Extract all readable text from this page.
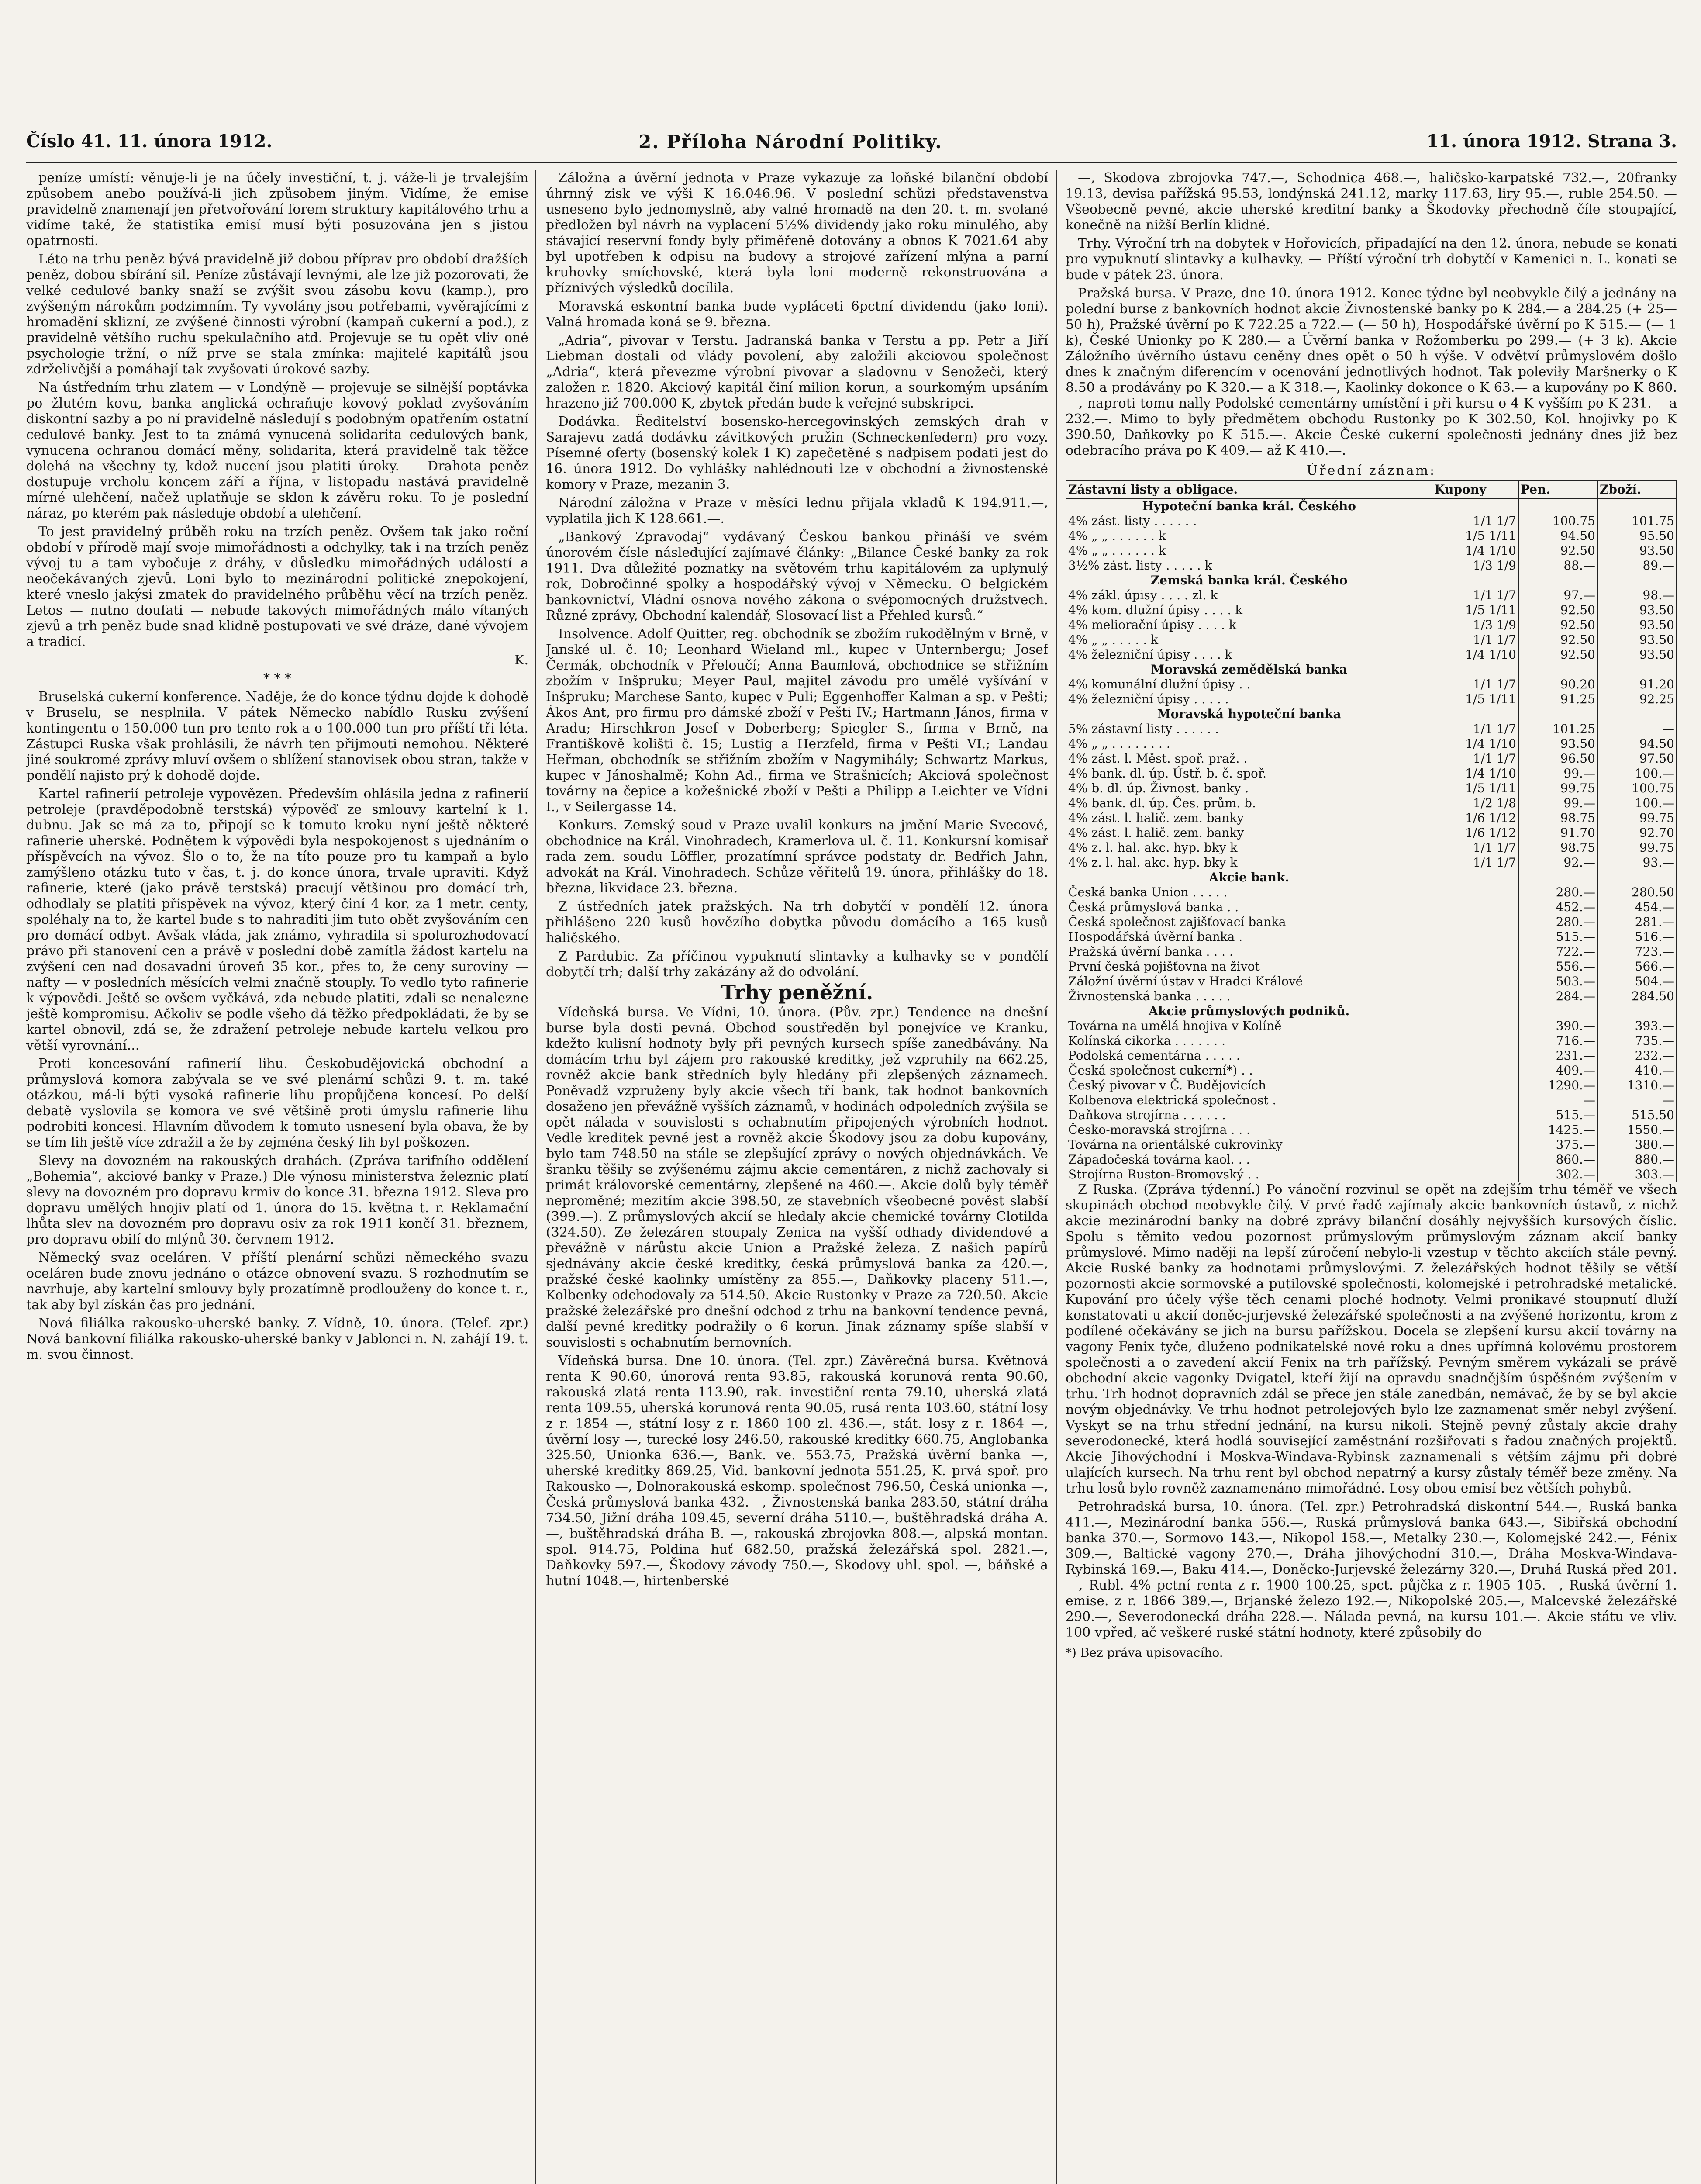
Číslo 41. 11. února 1912.	2. Příloha Národní Politiky.	11. února 1912. Strana 3.

peníze umístí: věnuje-li je na účely investiční, t. j. váže-li je trvalejším způsobem anebo používá-li jich způsobem jiným. Vidíme, že emise pravidelně znamenají jen přetvořování forem struktury kapitálového trhu a vidíme také, že statistika emisí musí býti posuzována jen s jistou opatrností.

Léto na trhu peněz bývá pravidelně již dobou příprav pro období dražších peněz, dobou sbírání sil. Peníze zůstávají levnými, ale lze již pozorovati, že velké cedulové banky snaží se zvýšit svou zásobu kovu (kamp.), pro zvýšeným nárokům podzimním. Ty vyvolány jsou potřebami, vyvěrajícími z hromadění sklizní, ze zvýšené činnosti výrobní (kampaň cukerní a pod.), z pravidelně většího ruchu spekulačního atd. Projevuje se tu opět vliv oné psychologie tržní, o níž prve se stala zmínka: majitelé kapitálů jsou zdrželivější a pomáhají tak zvyšovati úrokové sazby.

Na ústředním trhu zlatem — v Londýně — projevuje se silnější poptávka po žlutém kovu, banka anglická ochraňuje kovový poklad zvyšováním diskontní sazby a po ní pravidelně následují s podobným opatřením ostatní cedulové banky. Jest to ta známá vynucená solidarita cedulových bank, vynucena ochranou domácí měny, solidarita, která pravidelně tak těžce dolehá na všechny ty, kdož nucení jsou platiti úroky. — Drahota peněz dostupuje vrcholu koncem září a října, v listopadu nastává pravidelně mírné ulehčení, načež uplatňuje se sklon k závěru roku. To je poslední náraz, po kterém pak následuje období a ulehčení.

To jest pravidelný průběh roku na trzích peněz. Ovšem tak jako roční období v přírodě mají svoje mimořádnosti a odchylky, tak i na trzích peněz vývoj tu a tam vybočuje z dráhy, v důsledku mimořádných událostí a neočekávaných zjevů. Loni bylo to mezinárodní politické znepokojení, které vneslo jakýsi zmatek do pravidelného průběhu věcí na trzích peněz. Letos — nutno doufati — nebude takových mimořádných málo vítaných zjevů a trh peněz bude snad klidně postupovati ve své dráze, dané vývojem a tradicí.

K.

* * *

Bruselská cukerní konference. Naděje, že do konce týdnu dojde k dohodě v Bruselu, se nesplnila. V pátek Německo nabídlo Rusku zvýšení kontingentu o 150.000 tun pro tento rok a o 100.000 tun pro příští tři léta. Zástupci Ruska však prohlásili, že návrh ten přijmouti nemohou. Některé jiné soukromé zprávy mluví ovšem o sblížení stanovisek obou stran, takže v pondělí najisto prý k dohodě dojde.

Kartel rafinerií petroleje vypovězen. Především ohlásila jedna z rafinerií petroleje (pravděpodobně terstská) výpověď ze smlouvy kartelní k 1. dubnu. Jak se má za to, připojí se k tomuto kroku nyní ještě některé rafinerie uherské. Podnětem k výpovědi byla nespokojenost s ujednáním o příspěvcích na vývoz. Šlo o to, že na títo pouze pro tu kampaň a bylo zamýšleno otázku tuto v čas, t. j. do konce února, trvale upraviti. Když rafinerie, které (jako právě terstská) pracují většinou pro domácí trh, odhodlaly se platiti příspěvek na vývoz, který činí 4 kor. za 1 metr. centy, spoléhaly na to, že kartel bude s to nahraditi jim tuto obět zvyšováním cen pro domácí odbyt. Avšak vláda, jak známo, vyhradila si spolurozhodovací právo při stanovení cen a právě v poslední době zamítla žádost kartelu na zvýšení cen nad dosavadní úroveň 35 kor., přes to, že ceny suroviny — nafty — v posledních měsících velmi značně stouply. To vedlo tyto rafinerie k výpovědi. Ještě se ovšem vyčkává, zda nebude platiti, zdali se nenalezne ještě kompromisu. Ačkoliv se podle všeho dá těžko předpokládati, že by se kartel obnovil, zdá se, že zdražení petroleje nebude kartelu velkou pro větší vyrovnání...

Proti koncesování rafinerií lihu. Českobudějovická obchodní a průmyslová komora zabývala se ve své plenární schůzi 9. t. m. také otázkou, má-li býti vysoká rafinerie lihu propůjčena koncesí. Po delší debatě vyslovila se komora ve své většině proti úmyslu rafinerie lihu podrobiti koncesi. Hlavním důvodem k tomuto usnesení byla obava, že by se tím lih ještě více zdražil a že by zejména český lih byl poškozen.

Slevy na dovozném na rakouských drahách. (Zpráva tarifního oddělení „Bohemia“, akciové banky v Praze.) Dle výnosu ministerstva železnic platí slevy na dovozném pro dopravu krmiv do konce 31. března 1912. Sleva pro dopravu umělých hnojiv platí od 1. února do 15. května t. r. Reklamační lhůta slev na dovozném pro dopravu osiv za rok 1911 končí 31. březnem, pro dopravu obilí do mlýnů 30. červnem 1912.

Německý svaz oceláren. V příští plenární schůzi německého svazu oceláren bude znovu jednáno o otázce obnovení svazu. S rozhodnutím se navrhuje, aby kartelní smlouvy byly prozatímně prodlouženy do konce t. r., tak aby byl získán čas pro jednání.

Nová filiálka rakousko-uherské banky. Z Vídně, 10. února. (Telef. zpr.) Nová bankovní filiálka rakousko-uherské banky v Jablonci n. N. zahájí 19. t. m. svou činnost.

Záložna a úvěrní jednota v Praze vykazuje za loňské bilanční období úhrnný zisk ve výši K 16.046.96. V poslední schůzi představenstva usneseno bylo jednomyslně, aby valné hromadě na den 20. t. m. svolané předložen byl návrh na vyplacení 5½% dividendy jako roku minulého, aby stávající reservní fondy byly přiměřeně dotovány a obnos K 7021.64 aby byl upotřeben k odpisu na budovy a strojové zařízení mlýna a parní kruhovky smíchovské, která byla loni moderně rekonstruována a příznivých výsledků docílila.

Moravská eskontní banka bude vypláceti 6pctní dividendu (jako loni). Valná hromada koná se 9. března.

„Adria“, pivovar v Terstu. Jadranská banka v Terstu a pp. Petr a Jiří Liebman dostali od vlády povolení, aby založili akciovou společnost „Adria“, která převezme výrobní pivovar a sladovnu v Senožeči, který založen r. 1820. Akciový kapitál činí milion korun, a sourkomým upsáním hrazeno již 700.000 K, zbytek předán bude k veřejné subskripci.

Dodávka. Ředitelství bosensko-hercegovinských zemských drah v Sarajevu zadá dodávku závitkových pružin (Schneckenfedern) pro vozy. Písemné oferty (bosenský kolek 1 K) zapečetěné s nadpisem podati jest do 16. února 1912. Do vyhlášky nahlédnouti lze v obchodní a živnostenské komory v Praze, mezanin 3.

Národní záložna v Praze v měsíci lednu přijala vkladů K 194.911.—, vyplatila jich K 128.661.—.

„Bankový Zpravodaj“ vydávaný Českou bankou přináší ve svém únorovém čísle následující zajímavé články: „Bilance České banky za rok 1911. Dva důležité poznatky na světovém trhu kapitálovém za uplynulý rok, Dobročinné spolky a hospodářský vývoj v Německu. O belgickém bankovnictví, Vládní osnova nového zákona o svépomocných družstvech. Různé zprávy, Obchodní kalendář, Slosovací list a Přehled kursů.“

Insolvence. Adolf Quitter, reg. obchodník se zbožím rukodělným v Brně, v Janské ul. č. 10; Leonhard Wieland ml., kupec v Unternbergu; Josef Čermák, obchodník v Přeloučí; Anna Baumlová, obchodnice se střižním zbožím v Inšpruku; Meyer Paul, majitel závodu pro umělé vyšívání v Inšpruku; Marchese Santo, kupec v Puli; Eggenhoffer Kalman a sp. v Pešti; Ákos Ant, pro firmu pro dámské zboží v Pešti IV.; Hartmann János, firma v Aradu; Hirschkron Josef v Doberberg; Spiegler S., firma v Brně, na Františkově kolišti č. 15; Lustig a Herzfeld, firma v Pešti VI.; Landau Heřman, obchodník se střižním zbožím v Nagymihály; Schwartz Markus, kupec v Jánoshalmě; Kohn Ad., firma ve Strašnicích; Akciová společnost továrny na čepice a kožešnické zboží v Pešti a Philipp a Leichter ve Vídni I., v Seilergasse 14.

Konkurs. Zemský soud v Praze uvalil konkurs na jmění Marie Svecové, obchodnice na Král. Vinohradech, Kramerlova ul. č. 11. Konkursní komisař rada zem. soudu Löffler, prozatímní správce podstaty dr. Bedřich Jahn, advokát na Král. Vinohradech. Schůze věřitelů 19. února, přihlášky do 18. března, likvidace 23. března.

Z ústředních jatek pražských. Na trh dobytčí v pondělí 12. února přihlášeno 220 kusů hovězího dobytka původu domácího a 165 kusů haličského.

Z Pardubic. Za příčinou vypuknutí slintavky a kulhavky se v pondělí dobytčí trh; další trhy zakázány až do odvolání.

Trhy peněžní.

Vídeňská bursa. Ve Vídni, 10. února. (Pův. zpr.) Tendence na dnešní burse byla dosti pevná. Obchod soustředěn byl ponejvíce ve Kranku, kdežto kulisní hodnoty byly při pevných kursech spíše zanedbávány. Na domácím trhu byl zájem pro rakouské kreditky, jež vzpruhily na 662.25, rovněž akcie bank středních byly hledány při zlepšených záznamech. Poněvadž vzpruženy byly akcie všech tří bank, tak hodnot bankovních dosaženo jen převážně vyšších záznamů, v hodinách odpoledních zvýšila se opět nálada v souvislosti s ochabnutím připojených výrobních hodnot. Vedle kreditek pevné jest a rovněž akcie Škodovy jsou za dobu kupovány, bylo tam 748.50 na stále se zlepšující zprávy o nových objednávkách. Ve šranku těšily se zvýšenému zájmu akcie cementáren, z nichž zachovaly si primát královorské cementárny, zlepšené na 460.—. Akcie dolů byly téměř neproměné; mezitím akcie 398.50, ze stavebních všeobecné pověst slabší (399.—). Z průmyslových akcií se hledaly akcie chemické továrny Clotilda (324.50). Ze železáren stoupaly Zenica na vyšší odhady dividendové a převážně v nárůstu akcie Union a Pražské železa. Z našich papírů sjednávány akcie české kreditky, česká průmyslová banka za 420.—, pražské české kaolinky umístěny za 855.—, Daňkovky placeny 511.—, Kolbenky odchodovaly za 514.50. Akcie Rustonky v Praze za 720.50. Akcie pražské železářské pro dnešní odchod z trhu na bankovní tendence pevná, další pevné kreditky podražily o 6 korun. Jinak záznamy spíše slabší v souvislosti s ochabnutím bernovních.

Vídeňská bursa. Dne 10. února. (Tel. zpr.) Závěrečná bursa. Květnová renta K 90.60, únorová renta 93.85, rakouská korunová renta 90.60, rakouská zlatá renta 113.90, rak. investiční renta 79.10, uherská zlatá renta 109.55, uherská korunová renta 90.05, rusá renta 103.60, státní losy z r. 1854 —, státní losy z r. 1860 100 zl. 436.—, stát. losy z r. 1864 —, úvěrní losy —, turecké losy 246.50, rakouské kreditky 660.75, Anglobanka 325.50, Unionka 636.—, Bank. ve. 553.75, Pražská úvěrní banka —, uherské kreditky 869.25, Vid. bankovní jednota 551.25, K. prvá spoř. pro Rakousko —, Dolnorakouská eskomp. společnost 796.50, Česká unionka —, Česká průmyslová banka 432.—, Živnostenská banka 283.50, státní dráha 734.50, Jižní dráha 109.45, severní dráha 5110.—, buštěhradská dráha A. —, buštěhradská dráha B. —, rakouská zbrojovka 808.—, alpská montan. spol. 914.75, Poldina huť 682.50, pražská železářská spol. 2821.—, Daňkovky 597.—, Škodovy závody 750.—, Skodovy uhl. spol. —, báňské a hutní 1048.—, hirtenberské

—, Skodova zbrojovka 747.—, Schodnica 468.—, haličsko-karpatské 732.—, 20franky 19.13, devisa pařížská 95.53, londýnská 241.12, marky 117.63, liry 95.—, ruble 254.50. — Všeobecně pevné, akcie uherské kreditní banky a Škodovky přechodně číle stoupající, konečně na nižší Berlín klidné.

Trhy. Výroční trh na dobytek v Hořovicích, připadající na den 12. února, nebude se konati pro vypuknutí slintavky a kulhavky. — Příští výroční trh dobytčí v Kamenici n. L. konati se bude v pátek 23. února.

Pražská bursa. V Praze, dne 10. února 1912. Konec týdne byl neobvykle čilý a jednány na polední burse z bankovních hodnot akcie Živnostenské banky po K 284.— a 284.25 (+ 25—50 h), Pražské úvěrní po K 722.25 a 722.— (— 50 h), Hospodářské úvěrní po K 515.— (— 1 k), České Unionky po K 280.— a Úvěrní banka v Rožomberku po 299.— (+ 3 k). Akcie Záložního úvěrního ústavu ceněny dnes opět o 50 h výše. V odvětví průmyslovém došlo dnes k značným diferencím v ocenování jednotlivých hodnot. Tak poleviły Maršnerky o K 8.50 a prodávány po K 320.— a K 318.—, Kaolinky dokonce o K 63.— a kupovány po K 860.—, naproti tomu nally Podolské cementárny umístění i při kursu o 4 K vyšším po K 231.— a 232.—. Mimo to byly předmětem obchodu Rustonky po K 302.50, Kol. hnojivky po K 390.50, Daňkovky po K 515.—. Akcie České cukerní společnosti jednány dnes již bez odebracího práva po K 409.— až K 410.—.

Úřední záznam:
Zástavní listy a obligace.	Kupony	Pen.	Zboží.
Hypoteční banka král. Českého			
4% zást. listy . . . . . .	1/1 1/7	100.75	101.75
4% „ „ . . . . . . k	1/5 1/11	94.50	95.50
4% „ „ . . . . . . k	1/4 1/10	92.50	93.50
3½% zást. listy . . . . . k	1/3 1/9	88.—	89.—
Zemská banka král. Českého			
4% zákl. úpisy . . . . zl. k	1/1 1/7	97.—	98.—
4% kom. dlužní úpisy . . . . k	1/5 1/11	92.50	93.50
4% meliorační úpisy . . . . k	1/3 1/9	92.50	93.50
4% „ „ . . . . . k	1/1 1/7	92.50	93.50
4% železniční úpisy . . . . k	1/4 1/10	92.50	93.50
Moravská zemědělská banka			
4% komunální dlužní úpisy . .	1/1 1/7	90.20	91.20
4% železniční úpisy . . . . .	1/5 1/11	91.25	92.25
Moravská hypoteční banka			
5% zástavní listy . . . . . .	1/1 1/7	101.25	—
4% „ „ . . . . . . . .	1/4 1/10	93.50	94.50
4% zást. l. Měst. spoř. praž. .	1/1 1/7	96.50	97.50
4% bank. dl. úp. Ústř. b. č. spoř.	1/4 1/10	99.—	100.—
4% b. dl. úp. Živnost. banky .	1/5 1/11	99.75	100.75
4% bank. dl. úp. Čes. prům. b.	1/2 1/8	99.—	100.—
4% zást. l. halič. zem. banky	1/6 1/12	98.75	99.75
4% zást. l. halič. zem. banky	1/6 1/12	91.70	92.70
4% z. l. hal. akc. hyp. bky k	1/1 1/7	98.75	99.75
4% z. l. hal. akc. hyp. bky k	1/1 1/7	92.—	93.—
Akcie bank.			
Česká banka Union . . . . .		280.—	280.50
Česká průmyslová banka . .		452.—	454.—
Česká společnost zajišťovací banka		280.—	281.—
Hospodářská úvěrní banka .		515.—	516.—
Pražská úvěrní banka . . . .		722.—	723.—
První česká pojišťovna na život		556.—	566.—
Záložní úvěrní ústav v Hradci Králové		503.—	504.—
Živnostenská banka . . . . .		284.—	284.50
Akcie průmyslových podniků.			
Továrna na umělá hnojiva v Kolíně		390.—	393.—
Kolínská cikorka . . . . . . .		716.—	735.—
Podolská cementárna . . . . .		231.—	232.—
Česká společnost cukerní*) . .		409.—	410.—
Český pivovar v Č. Budějovicích		1290.—	1310.—
Kolbenova elektrická společnost .		—	—
Daňkova strojírna . . . . . .		515.—	515.50
Česko-moravská strojírna . . .		1425.—	1550.—
Továrna na orientálské cukrovinky		375.—	380.—
Západočeská továrna kaol. . .		860.—	880.—
Strojírna Ruston-Bromovský . .		302.—	303.—

Z Ruska. (Zpráva týdenní.) Po vánoční rozvinul se opět na zdejším trhu téměř ve všech skupinách obchod neobvykle čilý. V prvé řadě zajímaly akcie bankovních ústavů, z nichž akcie mezinárodní banky na dobré zprávy bilanční dosáhly nejvyšších kursových číslic. Spolu s těmito vedou pozornost průmyslovým průmyslovým záznam akcií banky průmyslové. Mimo naději na lepší zúročení nebylo-li vzestup v těchto akciích stále pevný. Akcie Ruské banky za hodnotami průmyslovými. Z železářských hodnot těšily se větší pozornosti akcie sormovské a putilovské společnosti, kolomejské i petrohradské metalické. Kupování pro účely výše těch cenami ploché hodnoty. Velmi pronikavé stoupnutí dluží konstatovati u akcií doněc-jurjevské železářské společnosti a na zvýšené horizontu, krom z podílené očekávány se jich na bursu pařížskou. Docela se zlepšení kursu akcií továrny na vagony Fenix tyče, dluženo podnikatelské nové roku a dnes upřímná kolovému prostorem společnosti a o zavedení akcií Fenix na trh pařížský. Pevným směrem vykázali se právě obchodní akcie vagonky Dvigatel, kteří žijí na opravdu snadnějším úspěšném zvýšením v trhu. Trh hodnot dopravních zdál se přece jen stále zanedbán, nemávač, že by se byl akcie novým objednávky. Ve trhu hodnot petrolejových bylo lze zaznamenat směr nebyl zvýšení. Vyskyt se na trhu střední jednání, na kursu nikoli. Stejně pevný zůstaly akcie drahy severodonecké, která hodlá související zaměstnání rozšiřovati s řadou značných projektů. Akcie Jihovýchodní i Moskva-Windava-Rybinsk zaznamenali s větším zájmu při dobré ulajících kursech. Na trhu rent byl obchod nepatrný a kursy zůstaly téměř beze změny. Na trhu losů bylo rovněž zaznamenáno mimořádné. Losy obou emisí bez větších pohybů.

Petrohradská bursa, 10. února. (Tel. zpr.) Petrohradská diskontní 544.—, Ruská banka 411.—, Mezinárodní banka 556.—, Ruská průmyslová banka 643.—, Sibiřská obchodní banka 370.—, Sormovo 143.—, Nikopol 158.—, Metalky 230.—, Kolomejské 242.—, Fénix 309.—, Baltické vagony 270.—, Dráha jihovýchodní 310.—, Dráha Moskva-Windava-Rybinská 169.—, Baku 414.—, Doněcko-Jurjevské železárny 320.—, Druhá Ruská před 201.—, Rubl. 4% pctní renta z r. 1900 100.25, spct. půjčka z r. 1905 105.—, Ruská úvěrní 1. emise. z r. 1866 389.—, Brjanské železo 192.—, Nikopolské 205.—, Malcevské železářské 290.—, Severodonecká dráha 228.—. Nálada pevná, na kursu 101.—. Akcie státu ve vliv. 100 vpřed, ač veškeré ruské státní hodnoty, které způsobily do

*) Bez práva upisovacího.
